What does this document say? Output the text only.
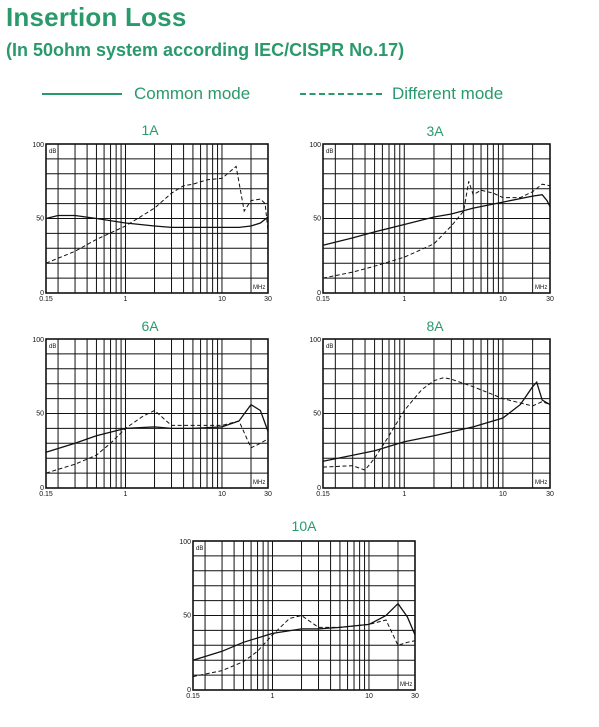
Insertion Loss
(In 50ohm system according IEC/CISPR No.17)
Common mode	Different mode
1A
0
50
100
0.15	1	10	30
dB
MHz
3A
0
50
100
0.15	1	10	30
dB
MHz
6A
0
50
100
0.15	1	10	30
dB
MHz
8A
0
50
100
0.15	1	10	30
dB
MHz
10A
0
50
100
0.15	1	10	30
dB
MHz
